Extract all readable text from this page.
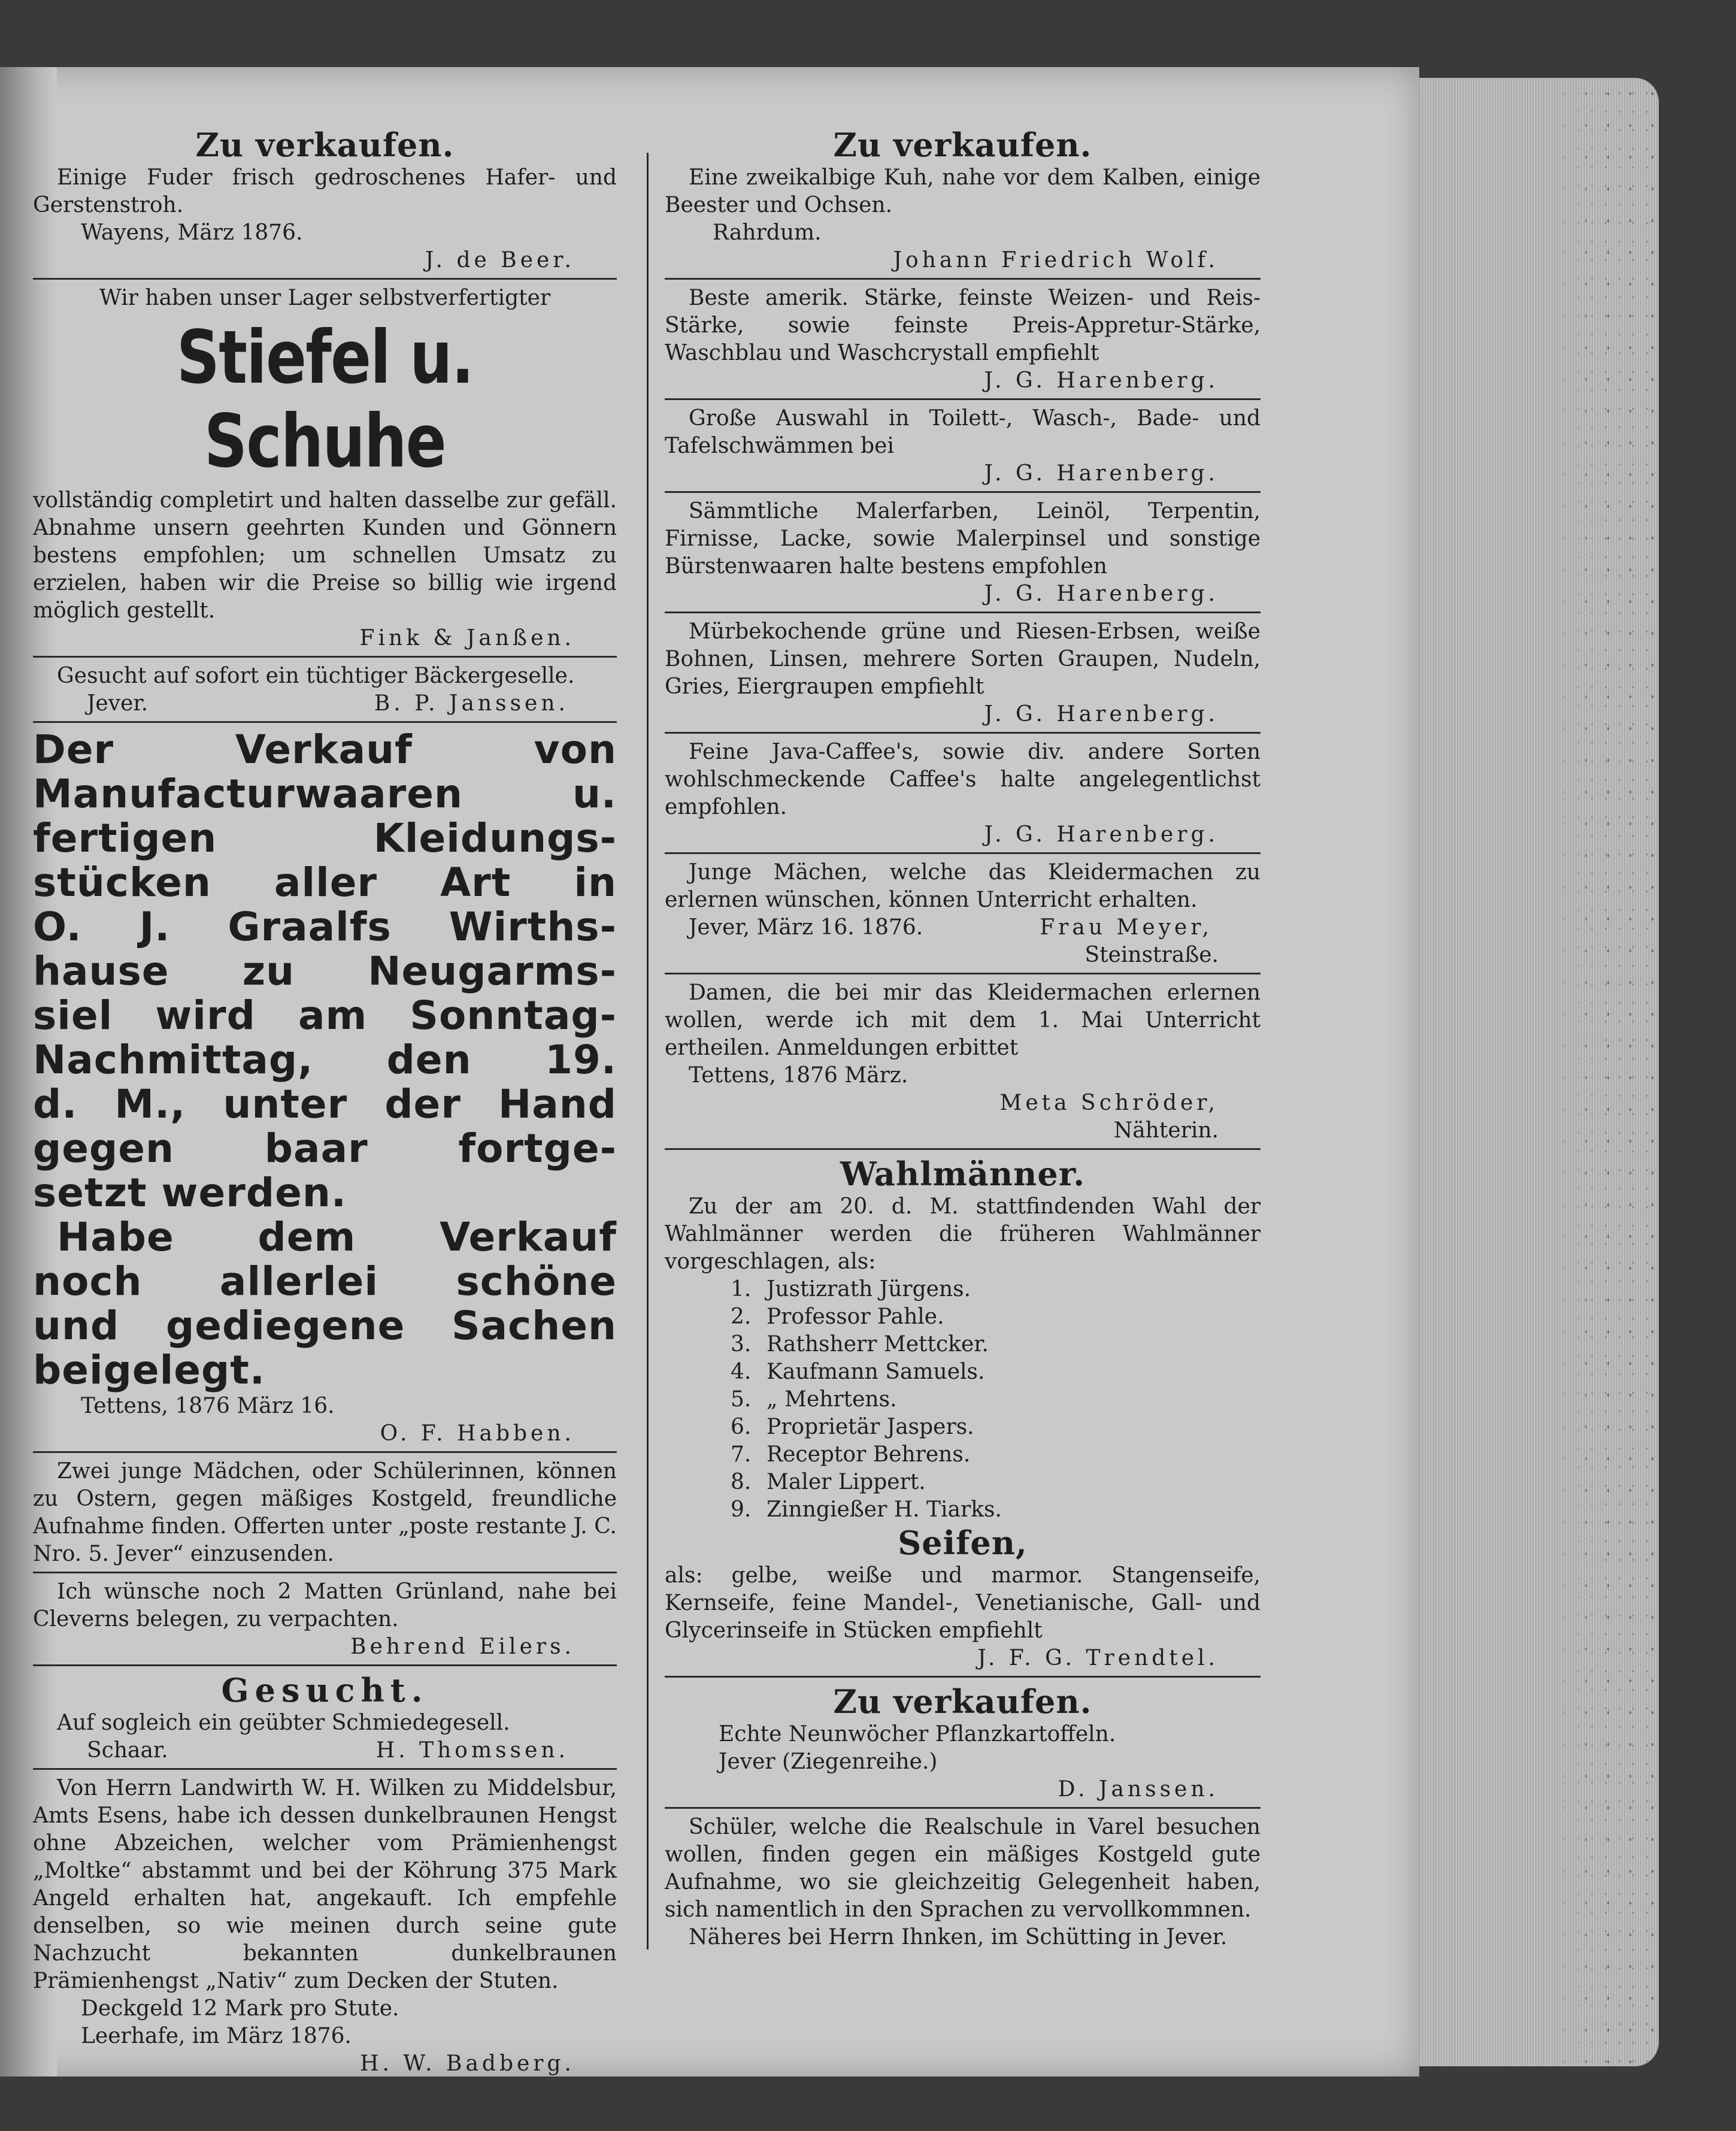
Zu verkaufen.
Einige Fuder frisch gedroschenes Hafer- und Gerstenstroh.
Wayens, März 1876.
J. de Beer.
Wir haben unser Lager selbstverfertigter
Stiefel u. Schuhe
vollständig completirt und halten dasselbe zur gefäll. Abnahme unsern geehrten Kunden und Gönnern bestens empfohlen; um schnellen Umsatz zu erzielen, haben wir die Preise so billig wie irgend möglich gestellt.
Fink & Janßen.
Gesucht auf sofort ein tüchtiger Bäckergeselle.
Jever.	B. P. Janssen.
Der Verkauf von
Manufacturwaaren u.
fertigen Kleidungs-
stücken aller Art in
O. J. Graalfs Wirths-
hause zu Neugarms-
siel wird am Sonntag-
Nachmittag, den 19.
d. M., unter der Hand
gegen baar fortge-
setzt werden.
Habe dem Verkauf
noch allerlei schöne
und gediegene Sachen
beigelegt.
Tettens, 1876 März 16.
O. F. Habben.
Zwei junge Mädchen, oder Schülerinnen, können zu Ostern, gegen mäßiges Kostgeld, freundliche Aufnahme finden. Offerten unter „poste restante J. C. Nro. 5. Jever“ einzusenden.
Ich wünsche noch 2 Matten Grünland, nahe bei Cleverns belegen, zu verpachten.
Behrend Eilers.
Gesucht.
Auf sogleich ein geübter Schmiedegesell.
Schaar.	H. Thomssen.
Von Herrn Landwirth W. H. Wilken zu Middelsbur, Amts Esens, habe ich dessen dunkelbraunen Hengst ohne Abzeichen, welcher vom Prämienhengst „Moltke“ abstammt und bei der Köhrung 375 Mark Angeld erhalten hat, angekauft. Ich empfehle denselben, so wie meinen durch seine gute Nachzucht bekannten dunkelbraunen Prämienhengst „Nativ“ zum Decken der Stuten.
Deckgeld 12 Mark pro Stute.
Leerhafe, im März 1876.
H. W. Badberg.
Zu verkaufen.
Eine zweikalbige Kuh, nahe vor dem Kalben, einige Beester und Ochsen.
Rahrdum.
Johann Friedrich Wolf.
Beste amerik. Stärke, feinste Weizen- und Reis-Stärke, sowie feinste Preis-Appretur-Stärke, Waschblau und Waschcrystall empfiehlt
J. G. Harenberg.
Große Auswahl in Toilett-, Wasch-, Bade- und Tafelschwämmen bei
J. G. Harenberg.
Sämmtliche Malerfarben, Leinöl, Terpentin, Firnisse, Lacke, sowie Malerpinsel und sonstige Bürstenwaaren halte bestens empfohlen
J. G. Harenberg.
Mürbekochende grüne und Riesen-Erbsen, weiße Bohnen, Linsen, mehrere Sorten Graupen, Nudeln, Gries, Eiergraupen empfiehlt
J. G. Harenberg.
Feine Java-Caffee's, sowie div. andere Sorten wohlschmeckende Caffee's halte angelegentlichst empfohlen.
J. G. Harenberg.
Junge Mächen, welche das Kleidermachen zu erlernen wünschen, können Unterricht erhalten.
Jever, März 16. 1876.	Frau Meyer,
Steinstraße.
Damen, die bei mir das Kleidermachen erlernen wollen, werde ich mit dem 1. Mai Unterricht ertheilen. Anmeldungen erbittet
Tettens, 1876 März.
Meta Schröder,
Nähterin.
Wahlmänner.
Zu der am 20. d. M. stattfindenden Wahl der Wahlmänner werden die früheren Wahlmänner vorgeschlagen, als:
1. Justizrath Jürgens.
2. Professor Pahle.
3. Rathsherr Mettcker.
4. Kaufmann Samuels.
5. „ Mehrtens.
6. Proprietär Jaspers.
7. Receptor Behrens.
8. Maler Lippert.
9. Zinngießer H. Tiarks.
Seifen,
als: gelbe, weiße und marmor. Stangenseife, Kernseife, feine Mandel-, Venetianische, Gall- und Glycerinseife in Stücken empfiehlt
J. F. G. Trendtel.
Zu verkaufen.
Echte Neunwöcher Pflanzkartoffeln.
Jever (Ziegenreihe.)
D. Janssen.
Schüler, welche die Realschule in Varel besuchen wollen, finden gegen ein mäßiges Kostgeld gute Aufnahme, wo sie gleichzeitig Gelegenheit haben, sich namentlich in den Sprachen zu vervollkommnen.
Näheres bei Herrn Ihnken, im Schütting in Jever.
